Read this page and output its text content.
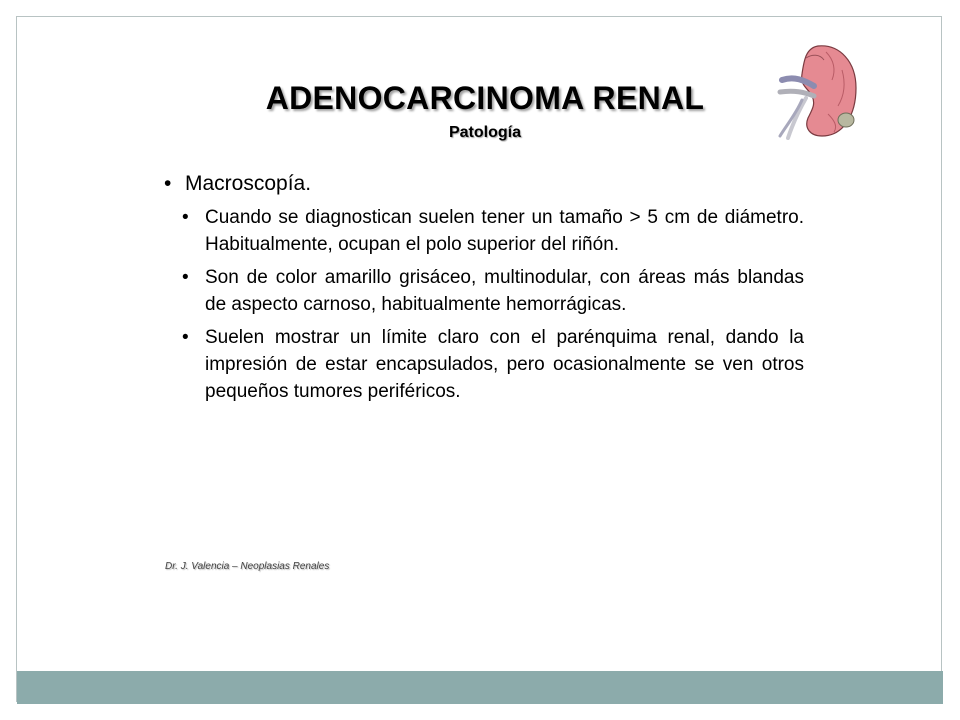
ADENOCARCINOMA RENAL
Patología
• Macroscopía.
• Cuando se diagnostican suelen tener un tamaño > 5 cm de diámetro. Habitualmente, ocupan el polo superior del riñón.
• Son de color amarillo grisáceo, multinodular, con áreas más blandas de aspecto carnoso, habitualmente hemorrágicas.
• Suelen mostrar un límite claro con el parénquima renal, dando la impresión de estar encapsulados, pero ocasionalmente se ven otros pequeños tumores periféricos.
Dr. J. Valencia – Neoplasias Renales
